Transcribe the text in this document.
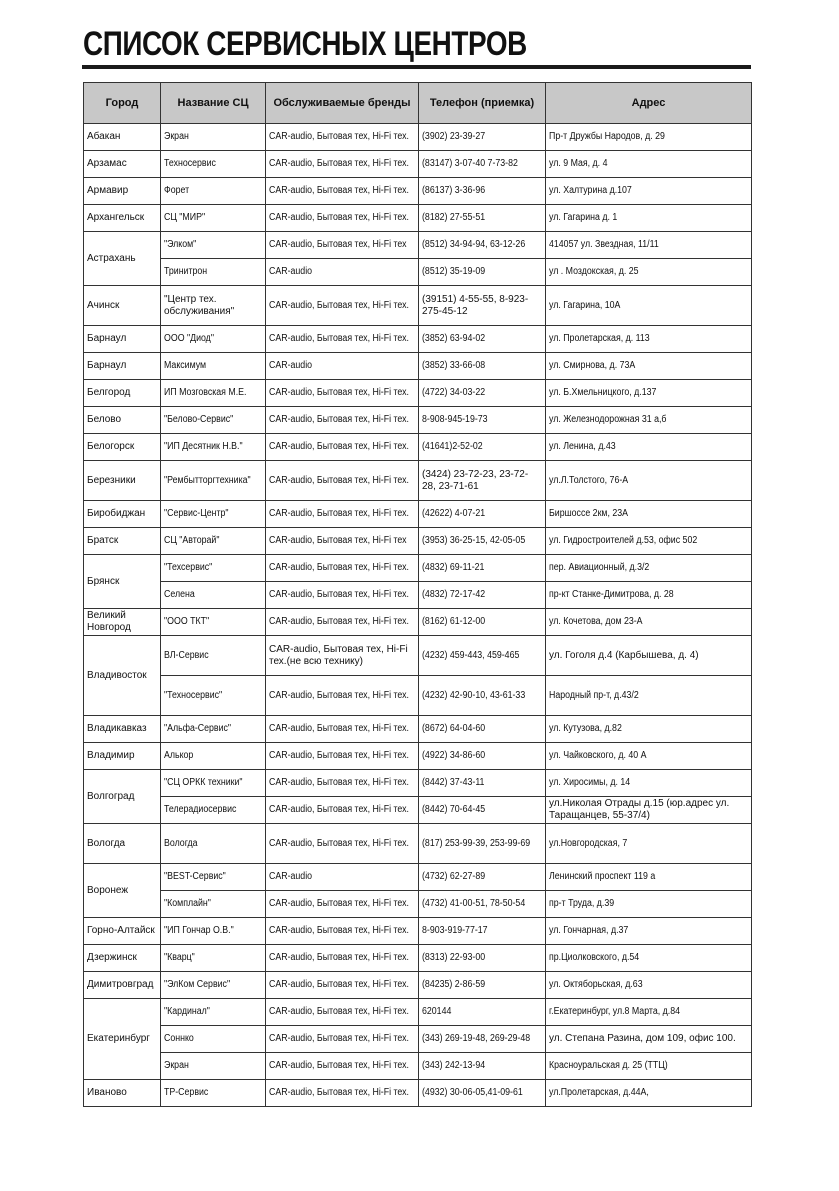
СПИСОК СЕРВИСНЫХ ЦЕНТРОВ
Город	Название СЦ	Обслуживаемые бренды	Телефон (приемка)	Адрес

Абакан	Экран	CAR-audio, Бытовая тех, Hi-Fi тех.	(3902) 23-39-27	Пр-т Дружбы Народов, д. 29

Арзамас	Техносервис	CAR-audio, Бытовая тех, Hi-Fi тех.	(83147) 3-07-40 7-73-82	ул. 9 Мая, д. 4

Армавир	Форет	CAR-audio, Бытовая тех, Hi-Fi тех.	(86137) 3-36-96	ул. Халтурина д.107

Архангельск	СЦ "МИР"	CAR-audio, Бытовая тех, Hi-Fi тех.	(8182) 27-55-51	ул. Гагарина д. 1

Астрахань	"Элком"	CAR-audio, Бытовая тех, Hi-Fi тех	(8512) 34-94-94, 63-12-26	414057 ул. Звездная, 11/11
	Тринитрон	CAR-audio	(8512) 35-19-09	ул . Моздокская, д. 25

Ачинск	"Центр тех. обслуживания"	CAR-audio, Бытовая тех, Hi-Fi тех.	(39151) 4-55-55, 8-923-275-45-12	ул. Гагарина, 10А

Барнаул	ООО "Диод"	CAR-audio, Бытовая тех, Hi-Fi тех.	(3852) 63-94-02	ул. Пролетарская, д. 113

Барнаул	Максимум	CAR-audio	(3852) 33-66-08	ул. Смирнова, д. 73А

Белгород	ИП Мозговская М.Е.	CAR-audio, Бытовая тех, Hi-Fi тех.	(4722) 34-03-22	ул. Б.Хмельницкого, д.137

Белово	"Белово-Сервис"	CAR-audio, Бытовая тех, Hi-Fi тех.	8-908-945-19-73	ул. Железнодорожная 31 а,б

Белогорск	"ИП Десятник Н.В."	CAR-audio, Бытовая тех, Hi-Fi тех.	(41641)2-52-02	ул. Ленина, д.43

Березники	"Рембытторгтехника"	CAR-audio, Бытовая тех, Hi-Fi тех.	(3424) 23-72-23, 23-72-28, 23-71-61	ул.Л.Толстого, 76-А

Биробиджан	"Сервис-Центр"	CAR-audio, Бытовая тех, Hi-Fi тех.	(42622) 4-07-21	Биршоссе 2км, 23А

Братск	СЦ "Авторай"	CAR-audio, Бытовая тех, Hi-Fi тех	(3953) 36-25-15, 42-05-05	ул. Гидростроителей д.53, офис 502

Брянск	"Техсервис"	CAR-audio, Бытовая тех, Hi-Fi тех.	(4832) 69-11-21	пер. Авиационный, д.3/2
	Селена	CAR-audio, Бытовая тех, Hi-Fi тех.	(4832) 72-17-42	пр-кт Станке-Димитрова, д. 28

Великий Новгород	"ООО ТКТ"	CAR-audio, Бытовая тех, Hi-Fi тех.	(8162) 61-12-00	ул. Кочетова, дом 23-А

Владивосток	ВЛ-Сервис	CAR-audio, Бытовая тех, Hi-Fi тех.(не всю технику)	(4232) 459-443, 459-465	ул. Гоголя д.4 (Карбышева, д. 4)

	"Техносервис"	CAR-audio, Бытовая тех, Hi-Fi тех.	(4232) 42-90-10, 43-61-33	Народный пр-т, д.43/2

Владикавказ	"Альфа-Сервис"	CAR-audio, Бытовая тех, Hi-Fi тех.	(8672) 64-04-60	ул. Кутузова, д.82

Владимир	Алькор	CAR-audio, Бытовая тех, Hi-Fi тех.	(4922) 34-86-60	ул. Чайковского, д. 40 А

Волгоград	"СЦ ОРКК техники"	CAR-audio, Бытовая тех, Hi-Fi тех.	(8442) 37-43-11	ул. Хиросимы, д. 14
	Телерадиосервис	CAR-audio, Бытовая тех, Hi-Fi тех.	(8442) 70-64-45	ул.Николая Отрады д.15 (юр.адрес ул. Таращанцев, 55-37/4)

Вологда	Вологда	CAR-audio, Бытовая тех, Hi-Fi тех.	(817) 253-99-39, 253-99-69	ул.Новгородская, 7

Воронеж	"BEST-Сервис"	CAR-audio	(4732) 62-27-89	Ленинский проспект 119 а
	"Комплайн"	CAR-audio, Бытовая тех, Hi-Fi тех.	(4732) 41-00-51, 78-50-54	пр-т Труда, д.39

Горно-Алтайск	"ИП Гончар О.В."	CAR-audio, Бытовая тех, Hi-Fi тех.	8-903-919-77-17	ул. Гончарная, д.37

Дзержинск	"Кварц"	CAR-audio, Бытовая тех, Hi-Fi тех.	(8313) 22-93-00	пр.Циолковского, д.54

Димитровград	"ЭлКом Сервис"	CAR-audio, Бытовая тех, Hi-Fi тех.	(84235) 2-86-59	ул. Октяборьская, д.63

Екатеринбург	"Кардинал"	CAR-audio, Бытовая тех, Hi-Fi тех.	620144	г.Екатеринбург, ул.8 Марта, д.84
	Соннко	CAR-audio, Бытовая тех, Hi-Fi тех.	(343) 269-19-48, 269-29-48	ул. Степана Разина, дом 109, офис 100.

	Экран	CAR-audio, Бытовая тех, Hi-Fi тех.	(343) 242-13-94	Красноуральская д. 25 (ТТЦ)

Иваново	ТР-Сервис	CAR-audio, Бытовая тех, Hi-Fi тех.	(4932) 30-06-05,41-09-61	ул.Пролетарская, д.44А,
